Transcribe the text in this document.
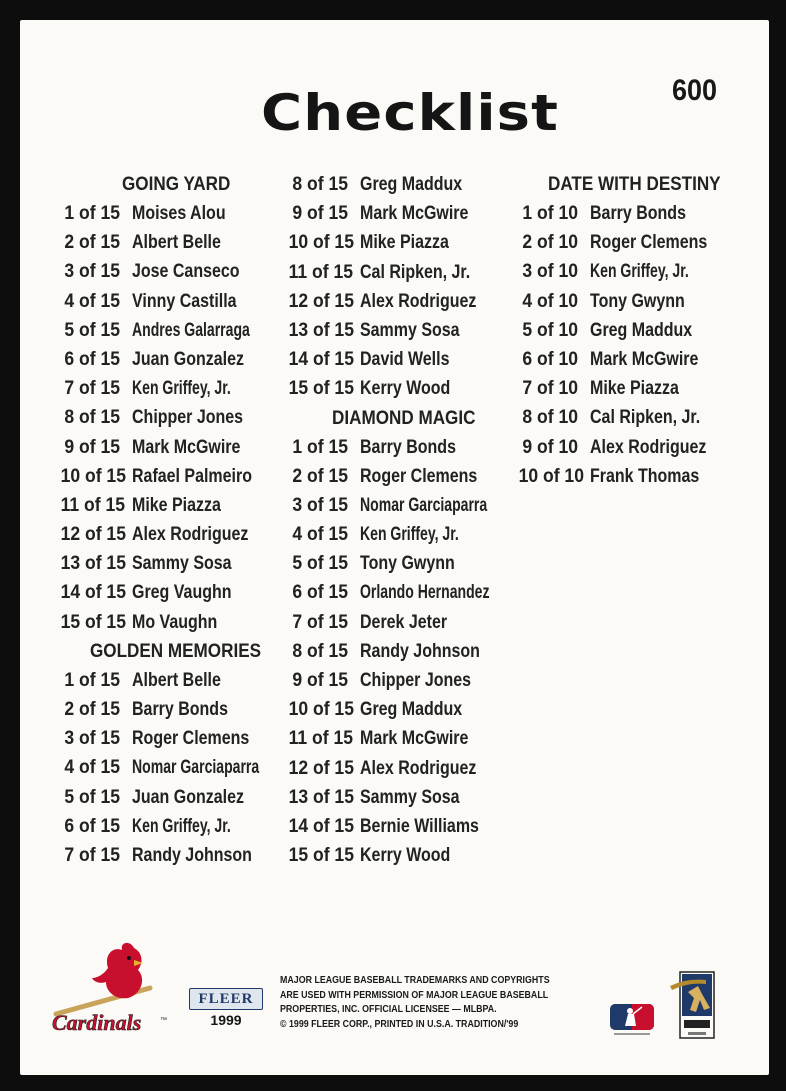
Checklist	600
GOING YARD
1 of 15 Moises Alou
2 of 15 Albert Belle
3 of 15 Jose Canseco
4 of 15 Vinny Castilla
5 of 15 Andres Galarraga
6 of 15 Juan Gonzalez
7 of 15 Ken Griffey, Jr.
8 of 15 Chipper Jones
9 of 15 Mark McGwire
10 of 15 Rafael Palmeiro
11 of 15 Mike Piazza
12 of 15 Alex Rodriguez
13 of 15 Sammy Sosa
14 of 15 Greg Vaughn
15 of 15 Mo Vaughn
GOLDEN MEMORIES
1 of 15 Albert Belle
2 of 15 Barry Bonds
3 of 15 Roger Clemens
4 of 15 Nomar Garciaparra
5 of 15 Juan Gonzalez
6 of 15 Ken Griffey, Jr.
7 of 15 Randy Johnson
8 of 15 Greg Maddux
9 of 15 Mark McGwire
10 of 15 Mike Piazza
11 of 15 Cal Ripken, Jr.
12 of 15 Alex Rodriguez
13 of 15 Sammy Sosa
14 of 15 David Wells
15 of 15 Kerry Wood
DIAMOND MAGIC
1 of 15 Barry Bonds
2 of 15 Roger Clemens
3 of 15 Nomar Garciaparra
4 of 15 Ken Griffey, Jr.
5 of 15 Tony Gwynn
6 of 15 Orlando Hernandez
7 of 15 Derek Jeter
8 of 15 Randy Johnson
9 of 15 Chipper Jones
10 of 15 Greg Maddux
11 of 15 Mark McGwire
12 of 15 Alex Rodriguez
13 of 15 Sammy Sosa
14 of 15 Bernie Williams
15 of 15 Kerry Wood
DATE WITH DESTINY
1 of 10 Barry Bonds
2 of 10 Roger Clemens
3 of 10 Ken Griffey, Jr.
4 of 10 Tony Gwynn
5 of 10 Greg Maddux
6 of 10 Mark McGwire
7 of 10 Mike Piazza
8 of 10 Cal Ripken, Jr.
9 of 10 Alex Rodriguez
10 of 10 Frank Thomas
Cardinals	™
FLEER
1999
MAJOR LEAGUE BASEBALL TRADEMARKS AND COPYRIGHTS
ARE USED WITH PERMISSION OF MAJOR LEAGUE BASEBALL
PROPERTIES, INC. OFFICIAL LICENSEE — MLBPA.
© 1999 FLEER CORP., PRINTED IN U.S.A. TRADITION/'99
